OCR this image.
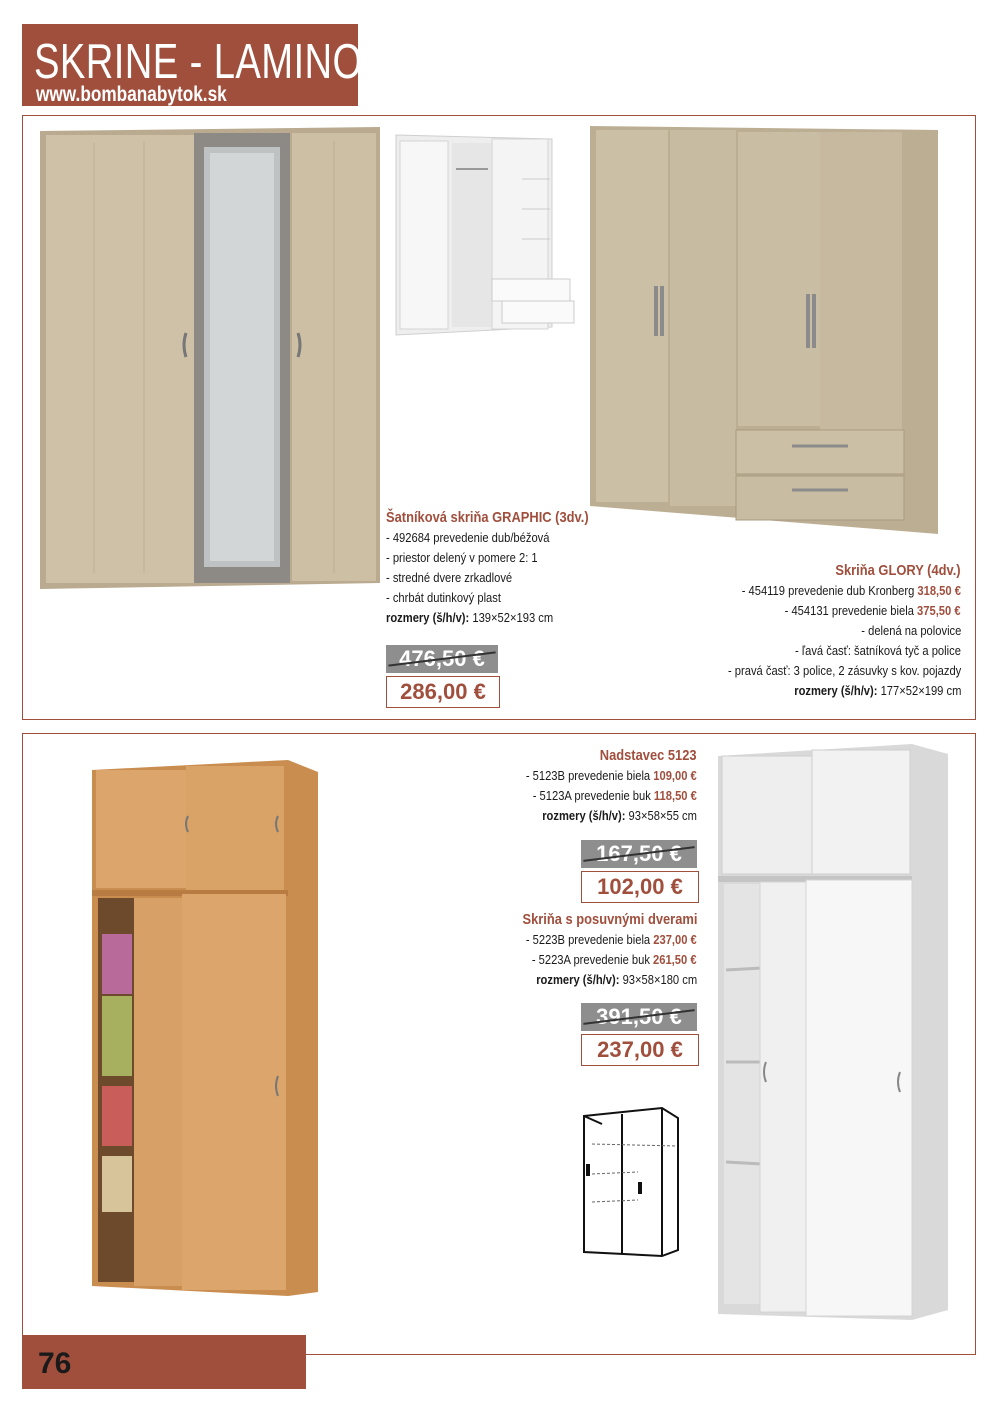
SKRINE - LAMINO
www.bombanabytok.sk
Šatníková skriňa GRAPHIC (3dv.)
- 492684 prevedenie dub/béžová
- priestor delený v pomere 2: 1
- stredné dvere zrkadlové
- chrbát dutinkový plast
rozmery (š/h/v): 139×52×193 cm
476,50 €
286,00 €
Skriňa GLORY (4dv.)
- 454119 prevedenie dub Kronberg 318,50 €
- 454131 prevedenie biela 375,50 €
- delená na polovice
- ľavá časť: šatníková tyč a police
- pravá časť: 3 police, 2 zásuvky s kov. pojazdy
rozmery (š/h/v): 177×52×199 cm
Nadstavec 5123
- 5123B prevedenie biela 109,00 €
- 5123A prevedenie buk 118,50 €
rozmery (š/h/v): 93×58×55 cm
167,50 €
102,00 €
Skriňa s posuvnými dverami
- 5223B prevedenie biela 237,00 €
- 5223A prevedenie buk 261,50 €
rozmery (š/h/v): 93×58×180 cm
391,50 €
237,00 €
76
